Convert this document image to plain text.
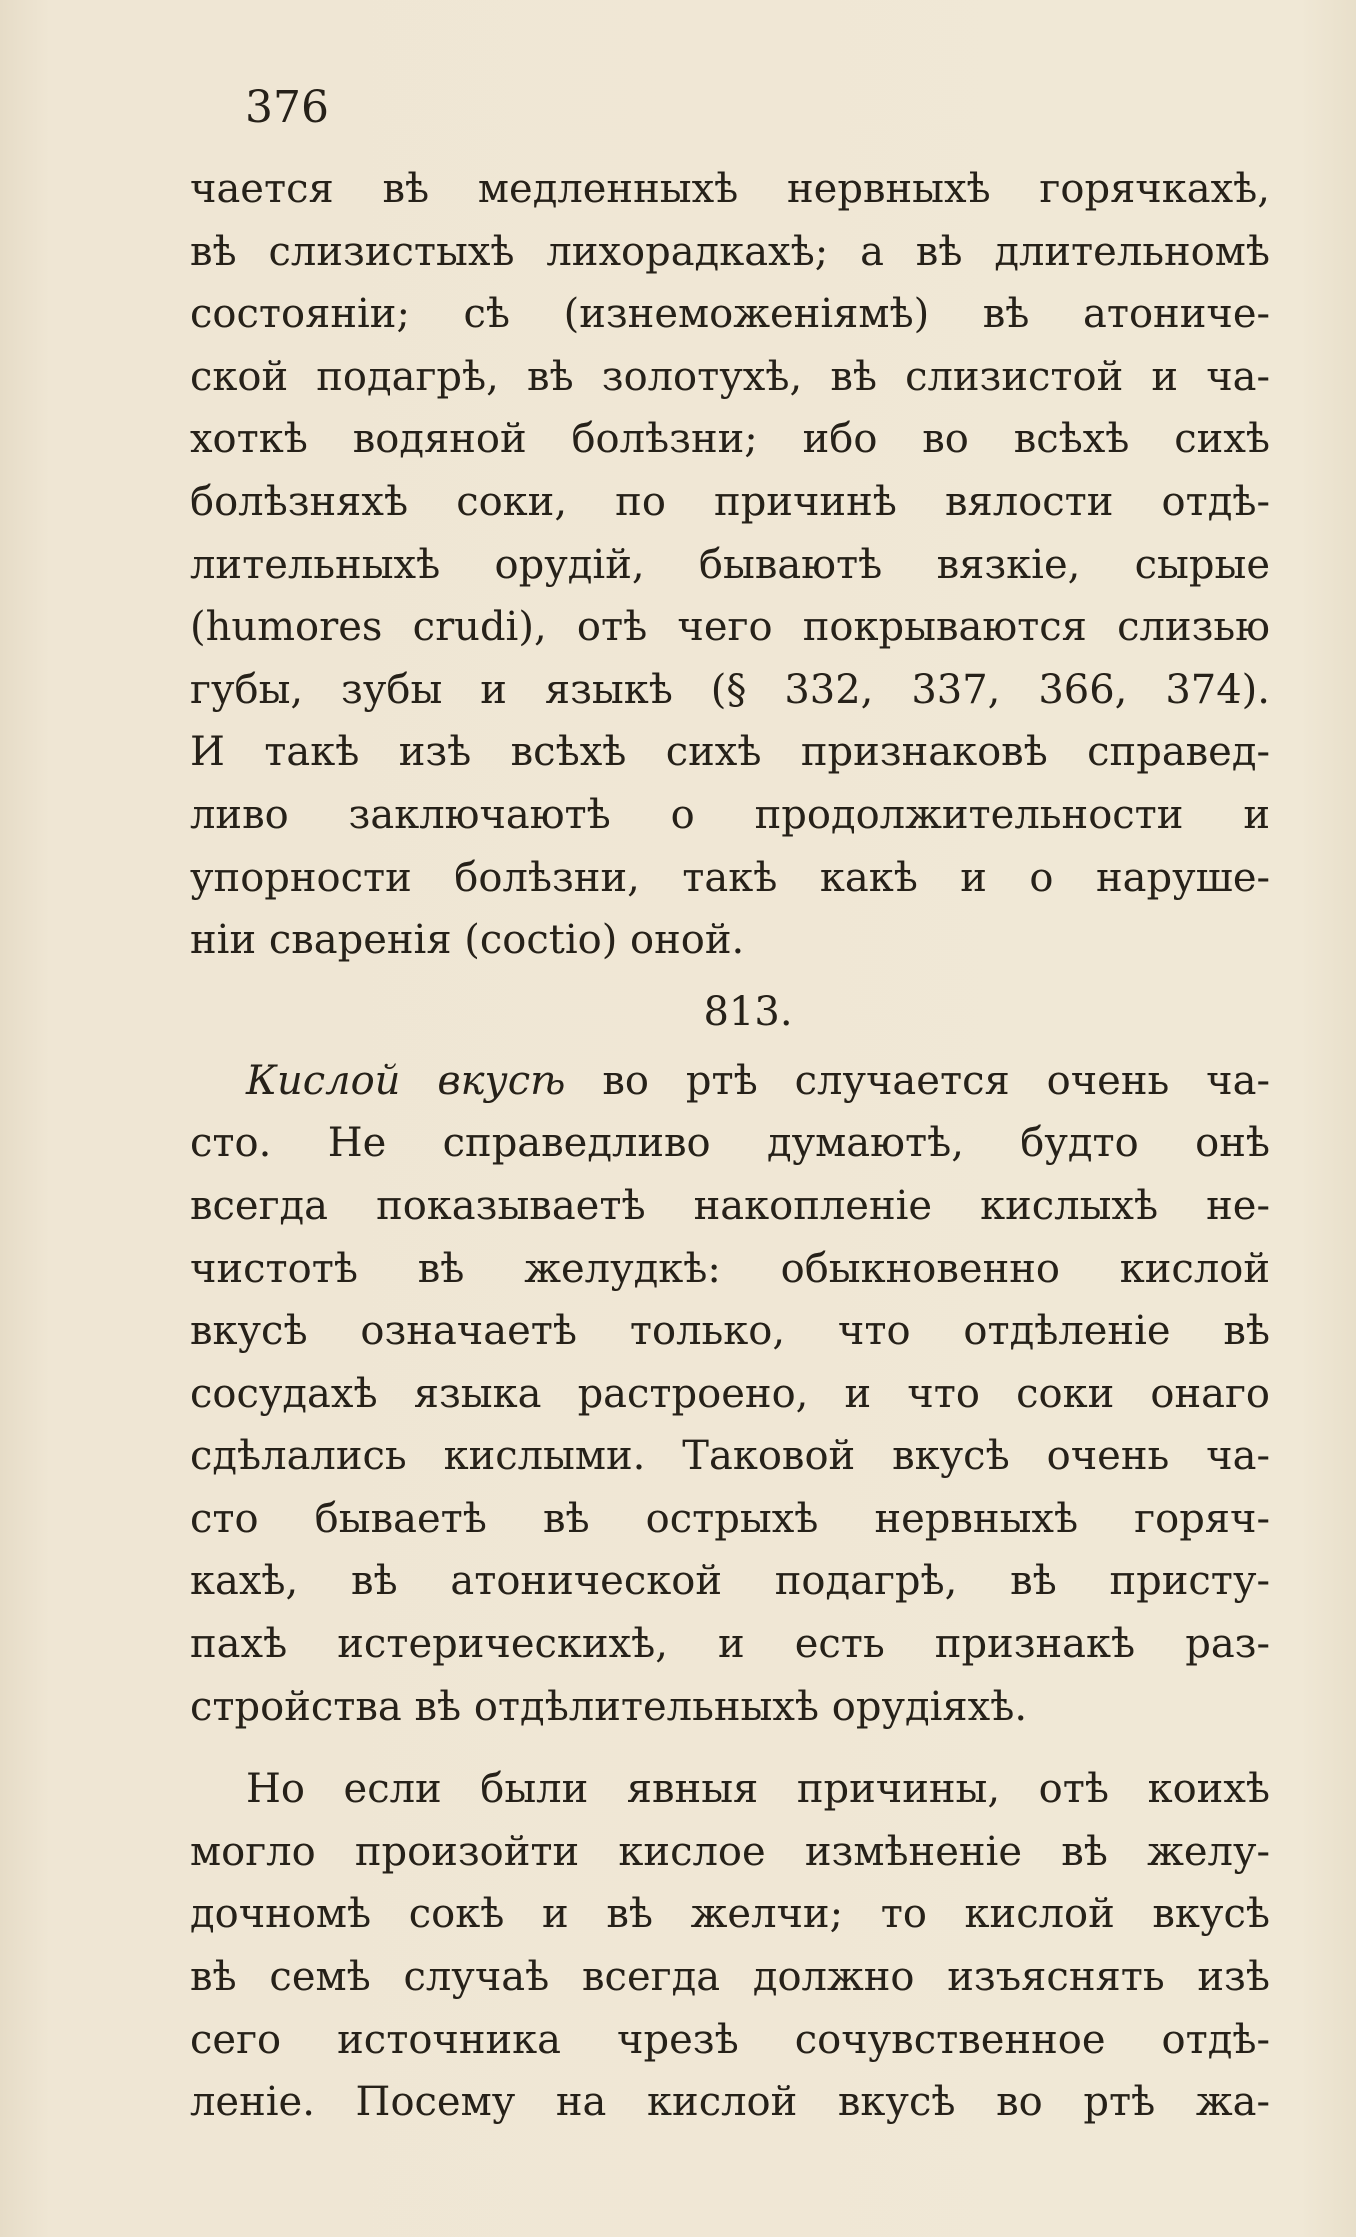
376

чается вѣ медленныхѣ нервныхѣ горячкахѣ,
вѣ слизистыхѣ лихорадкахѣ; а вѣ длительномѣ
состояніи; сѣ (изнеможеніямѣ) вѣ атониче-
ской подагрѣ, вѣ золотухѣ, вѣ слизистой и ча-
хоткѣ водяной болѣзни; ибо во всѣхѣ сихѣ
болѣзняхѣ соки, по причинѣ вялости отдѣ-
лительныхѣ орудій, бываютѣ вязкіе, сырые
(humores crudi), отѣ чего покрываются слизью
губы, зубы и языкѣ (§ 332, 337, 366, 374).
И такѣ изѣ всѣхѣ сихѣ признаковѣ справед-
ливо заключаютѣ о продолжительности и
упорности болѣзни, такѣ какѣ и о наруше-
ніи сваренія (coctio) оной.

813.

Кислой вкусѣ во ртѣ случается очень ча-
сто. Не справедливо думаютѣ, будто онѣ
всегда показываетѣ накопленіе кислыхѣ не-
чистотѣ вѣ желудкѣ: обыкновенно кислой
вкусѣ означаетѣ только, что отдѣленіе вѣ
сосудахѣ языка растроено, и что соки онаго
сдѣлались кислыми. Таковой вкусѣ очень ча-
сто бываетѣ вѣ острыхѣ нервныхѣ горяч-
кахѣ, вѣ атонической подагрѣ, вѣ присту-
пахѣ истерическихѣ, и есть признакѣ раз-
стройства вѣ отдѣлительныхѣ орудіяхѣ.

Но если были явныя причины, отѣ коихѣ
могло произойти кислое измѣненіе вѣ желу-
дочномѣ сокѣ и вѣ желчи; то кислой вкусѣ
вѣ семѣ случаѣ всегда должно изъяснять изѣ
сего источника чрезѣ сочувственное отдѣ-
леніе. Посему на кислой вкусѣ во ртѣ жа-
